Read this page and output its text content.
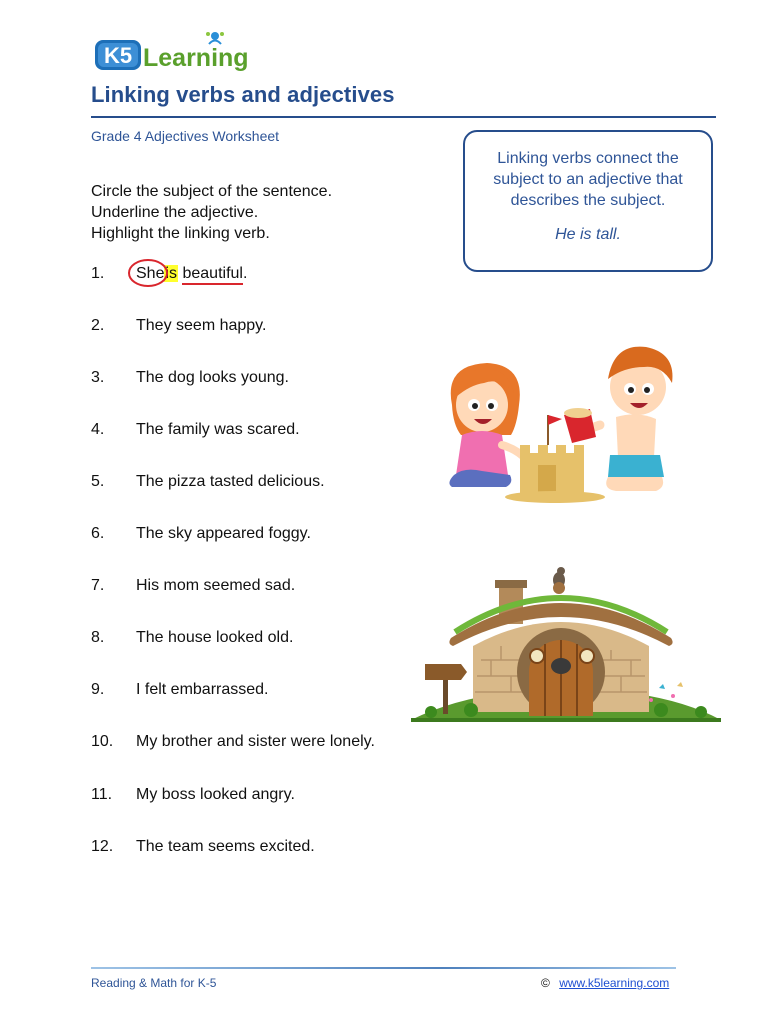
K5 Learning
Linking verbs and adjectives
Grade 4 Adjectives Worksheet
Linking verbs connect the
subject to an adjective that
describes the subject.
He is tall.
Circle the subject of the sentence.
Underline the adjective.
Highlight the linking verb.
1.	Sheis beautiful
.
2.	They seem happy.
3.	The dog looks young.
4.	The family was scared.
5.	The pizza tasted delicious.
6.	The sky appeared foggy.
7.	His mom seemed sad.
8.	The house looked old.
9.	I felt embarrassed.
10.	My brother and sister were lonely.
11.	My boss looked angry.
12.	The team seems excited.
Reading & Math for K-5	© www.k5learning.com
